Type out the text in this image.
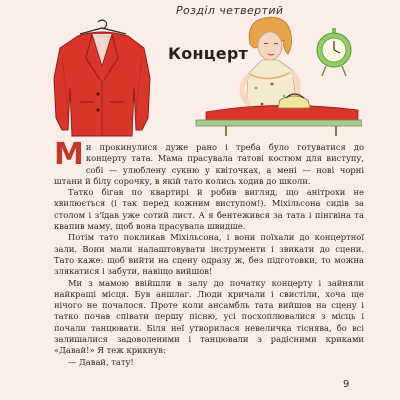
Розділ четвертий
Концерт

Ми прокинулися дуже рано і треба було готуватися до концерту тата. Мама прасувала татові костюм для виступу, собі — улюблену сукню у квіточках, а мені — нові чорні штани й білу сорочку, в якій тато колись ходив до школи.

Татко бігав по квартирі й робив вигляд, що анітрохи не хвилюється (і так перед кожним виступом!). Міхільсона сидів за столом і з'їдав уже сотий лист. А я бентежився за тата і пінгвіна та квапив маму, щоб вона прасувала швидше.

Потім тато покликав Міхільсона, і вони поїхали до концертної зали. Вони мали налаштовувати інструменти і звикати до сцени. Тато каже: щоб вийти на сцену одразу ж, без підготовки, то можна злякатися і забути, навіщо вийшов!

Ми з мамою ввійшли в залу до початку концерту і зайняли найкращі місця. Був аншлаг. Люди кричали і свистіли, хоча ще нічого не почалося. Проте коли ансамбль тата вийшов на сцену і татко почав співати першу пісню, усі посхоплювалися з місць і почали танцювати. Біля неї утворилася невеличка тіснява, бо всі залишалися задоволеними і танцювали з радісними криками «Давай!» Я теж крикнув:

— Давай, тату!

9
